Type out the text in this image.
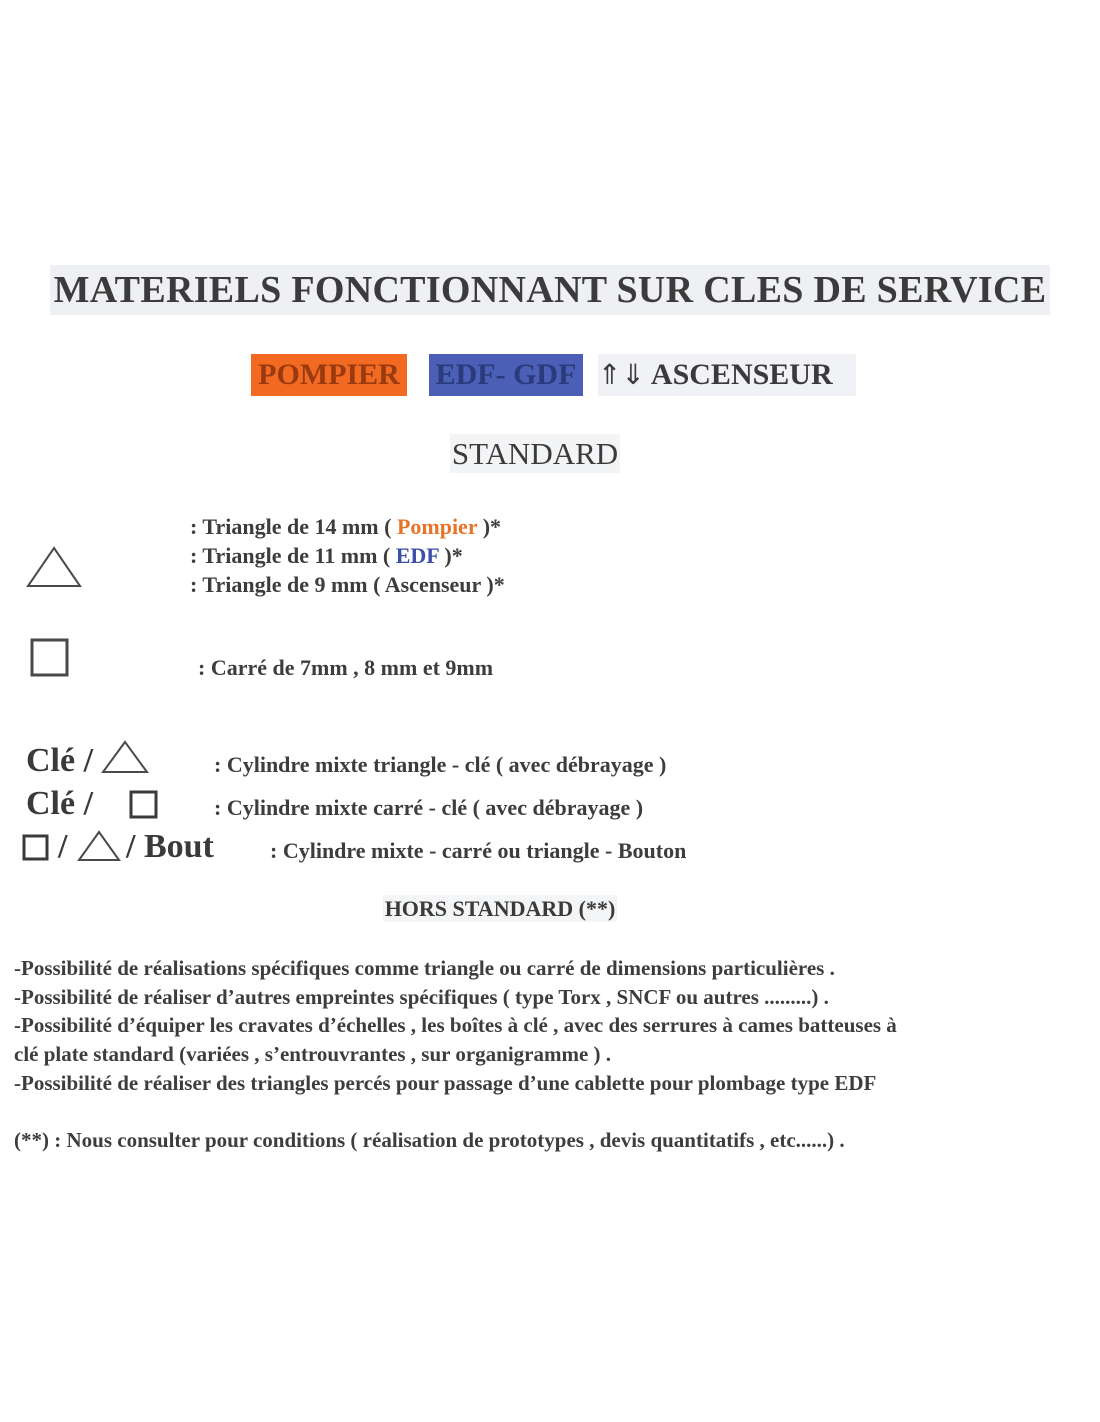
MATERIELS FONCTIONNANT SUR CLES DE SERVICE
POMPIER EDF- GDF ⇑⇓ ASCENSEUR
STANDARD
: Triangle de 14 mm ( Pompier )*
: Triangle de 11 mm ( EDF )*
: Triangle de 9 mm ( Ascenseur )*
: Carré de 7mm , 8 mm et 9mm
Clé /	: Cylindre mixte triangle - clé ( avec débrayage )
Clé /	: Cylindre mixte carré - clé ( avec débrayage )
/ / Bout	: Cylindre mixte - carré ou triangle - Bouton
HORS STANDARD (**)
-Possibilité de réalisations spécifiques comme triangle ou carré de dimensions particulières .
-Possibilité de réaliser d’autres empreintes spécifiques ( type Torx , SNCF ou autres .........) .
-Possibilité d’équiper les cravates d’échelles , les boîtes à clé , avec des serrures à cames batteuses à
clé plate standard (variées , s’entrouvrantes , sur organigramme ) .
-Possibilité de réaliser des triangles percés pour passage d’une cablette pour plombage type EDF
(**) : Nous consulter pour conditions ( réalisation de prototypes , devis quantitatifs , etc......) .
